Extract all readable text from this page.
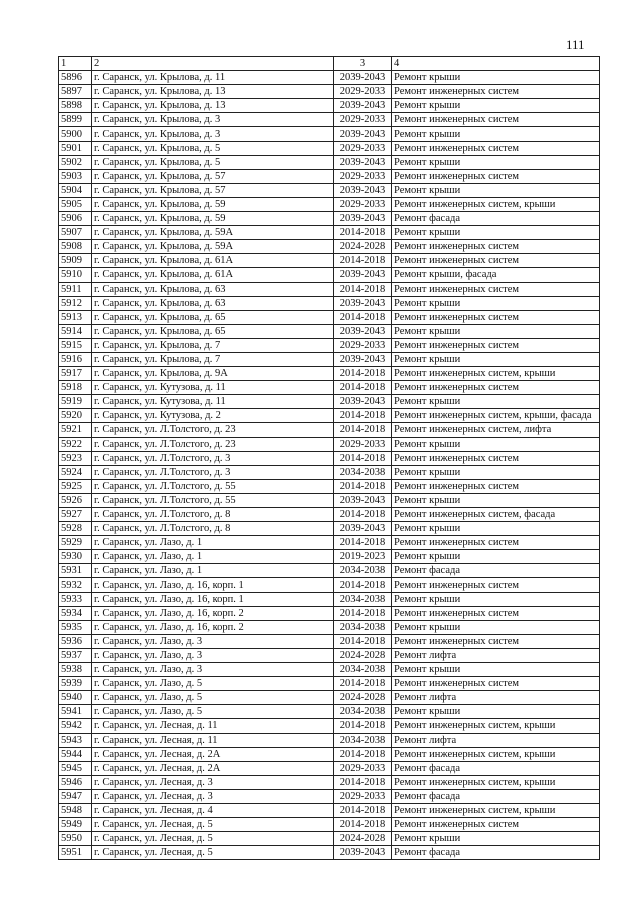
111
1	2	3	4
5896	г. Саранск, ул. Крылова, д. 11	2039-2043	Ремонт крыши
5897	г. Саранск, ул. Крылова, д. 13	2029-2033	Ремонт инженерных систем
5898	г. Саранск, ул. Крылова, д. 13	2039-2043	Ремонт крыши
5899	г. Саранск, ул. Крылова, д. 3	2029-2033	Ремонт инженерных систем
5900	г. Саранск, ул. Крылова, д. 3	2039-2043	Ремонт крыши
5901	г. Саранск, ул. Крылова, д. 5	2029-2033	Ремонт инженерных систем
5902	г. Саранск, ул. Крылова, д. 5	2039-2043	Ремонт крыши
5903	г. Саранск, ул. Крылова, д. 57	2029-2033	Ремонт инженерных систем
5904	г. Саранск, ул. Крылова, д. 57	2039-2043	Ремонт крыши
5905	г. Саранск, ул. Крылова, д. 59	2029-2033	Ремонт инженерных систем, крыши
5906	г. Саранск, ул. Крылова, д. 59	2039-2043	Ремонт фасада
5907	г. Саранск, ул. Крылова, д. 59А	2014-2018	Ремонт крыши
5908	г. Саранск, ул. Крылова, д. 59А	2024-2028	Ремонт инженерных систем
5909	г. Саранск, ул. Крылова, д. 61А	2014-2018	Ремонт инженерных систем
5910	г. Саранск, ул. Крылова, д. 61А	2039-2043	Ремонт крыши, фасада
5911	г. Саранск, ул. Крылова, д. 63	2014-2018	Ремонт инженерных систем
5912	г. Саранск, ул. Крылова, д. 63	2039-2043	Ремонт крыши
5913	г. Саранск, ул. Крылова, д. 65	2014-2018	Ремонт инженерных систем
5914	г. Саранск, ул. Крылова, д. 65	2039-2043	Ремонт крыши
5915	г. Саранск, ул. Крылова, д. 7	2029-2033	Ремонт инженерных систем
5916	г. Саранск, ул. Крылова, д. 7	2039-2043	Ремонт крыши
5917	г. Саранск, ул. Крылова, д. 9А	2014-2018	Ремонт инженерных систем, крыши
5918	г. Саранск, ул. Кутузова, д. 11	2014-2018	Ремонт инженерных систем
5919	г. Саранск, ул. Кутузова, д. 11	2039-2043	Ремонт крыши
5920	г. Саранск, ул. Кутузова, д. 2	2014-2018	Ремонт инженерных систем, крыши, фасада
5921	г. Саранск, ул. Л.Толстого, д. 23	2014-2018	Ремонт инженерных систем, лифта
5922	г. Саранск, ул. Л.Толстого, д. 23	2029-2033	Ремонт крыши
5923	г. Саранск, ул. Л.Толстого, д. 3	2014-2018	Ремонт инженерных систем
5924	г. Саранск, ул. Л.Толстого, д. 3	2034-2038	Ремонт крыши
5925	г. Саранск, ул. Л.Толстого, д. 55	2014-2018	Ремонт инженерных систем
5926	г. Саранск, ул. Л.Толстого, д. 55	2039-2043	Ремонт крыши
5927	г. Саранск, ул. Л.Толстого, д. 8	2014-2018	Ремонт инженерных систем, фасада
5928	г. Саранск, ул. Л.Толстого, д. 8	2039-2043	Ремонт крыши
5929	г. Саранск, ул. Лазо, д. 1	2014-2018	Ремонт инженерных систем
5930	г. Саранск, ул. Лазо, д. 1	2019-2023	Ремонт крыши
5931	г. Саранск, ул. Лазо, д. 1	2034-2038	Ремонт фасада
5932	г. Саранск, ул. Лазо, д. 16, корп. 1	2014-2018	Ремонт инженерных систем
5933	г. Саранск, ул. Лазо, д. 16, корп. 1	2034-2038	Ремонт крыши
5934	г. Саранск, ул. Лазо, д. 16, корп. 2	2014-2018	Ремонт инженерных систем
5935	г. Саранск, ул. Лазо, д. 16, корп. 2	2034-2038	Ремонт крыши
5936	г. Саранск, ул. Лазо, д. 3	2014-2018	Ремонт инженерных систем
5937	г. Саранск, ул. Лазо, д. 3	2024-2028	Ремонт лифта
5938	г. Саранск, ул. Лазо, д. 3	2034-2038	Ремонт крыши
5939	г. Саранск, ул. Лазо, д. 5	2014-2018	Ремонт инженерных систем
5940	г. Саранск, ул. Лазо, д. 5	2024-2028	Ремонт лифта
5941	г. Саранск, ул. Лазо, д. 5	2034-2038	Ремонт крыши
5942	г. Саранск, ул. Лесная, д. 11	2014-2018	Ремонт инженерных систем, крыши
5943	г. Саранск, ул. Лесная, д. 11	2034-2038	Ремонт лифта
5944	г. Саранск, ул. Лесная, д. 2А	2014-2018	Ремонт инженерных систем, крыши
5945	г. Саранск, ул. Лесная, д. 2А	2029-2033	Ремонт фасада
5946	г. Саранск, ул. Лесная, д. 3	2014-2018	Ремонт инженерных систем, крыши
5947	г. Саранск, ул. Лесная, д. 3	2029-2033	Ремонт фасада
5948	г. Саранск, ул. Лесная, д. 4	2014-2018	Ремонт инженерных систем, крыши
5949	г. Саранск, ул. Лесная, д. 5	2014-2018	Ремонт инженерных систем
5950	г. Саранск, ул. Лесная, д. 5	2024-2028	Ремонт крыши
5951	г. Саранск, ул. Лесная, д. 5	2039-2043	Ремонт фасада
